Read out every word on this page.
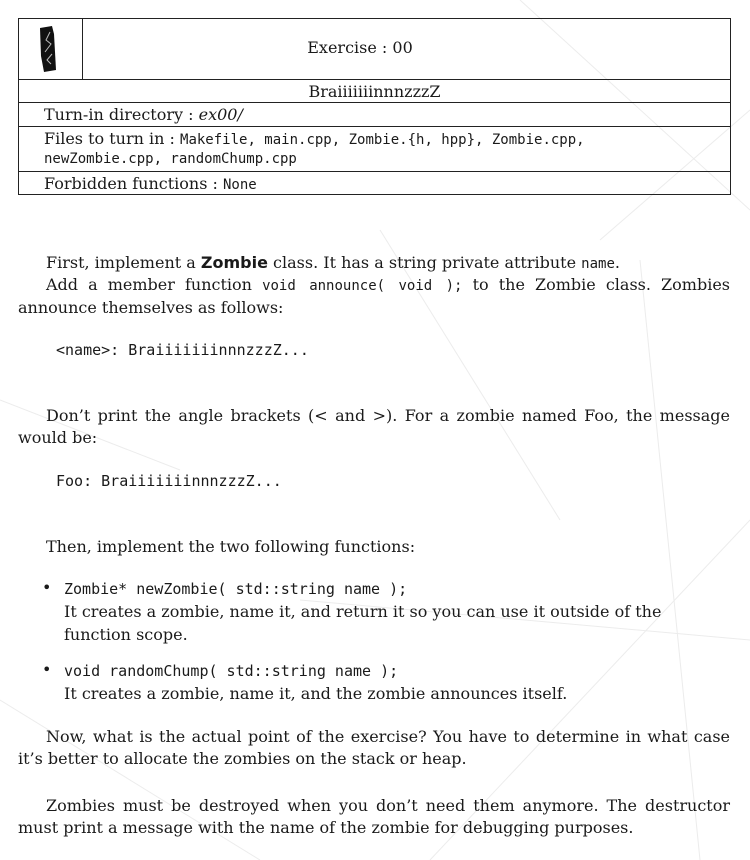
Exercise : 00
BraiiiiiiinnnzzzZ
Turn-in directory : ex00/
Files to turn in : Makefile, main.cpp, Zombie.{h, hpp}, Zombie.cpp,
newZombie.cpp, randomChump.cpp
Forbidden functions : None
First, implement a Zombie class. It has a string private attribute name.
Add a member function void announce( void ); to the Zombie class. Zombies announce themselves as follows:
<name>: BraiiiiiiinnnzzzZ...
Don’t print the angle brackets (< and >). For a zombie named Foo, the message would be:
Foo: BraiiiiiiinnnzzzZ...
Then, implement the two following functions:
• Zombie* newZombie( std::string name );
It creates a zombie, name it, and return it so you can use it outside of the function scope.
• void randomChump( std::string name );
It creates a zombie, name it, and the zombie announces itself.
Now, what is the actual point of the exercise? You have to determine in what case it’s better to allocate the zombies on the stack or heap.
Zombies must be destroyed when you don’t need them anymore. The destructor must print a message with the name of the zombie for debugging purposes.
